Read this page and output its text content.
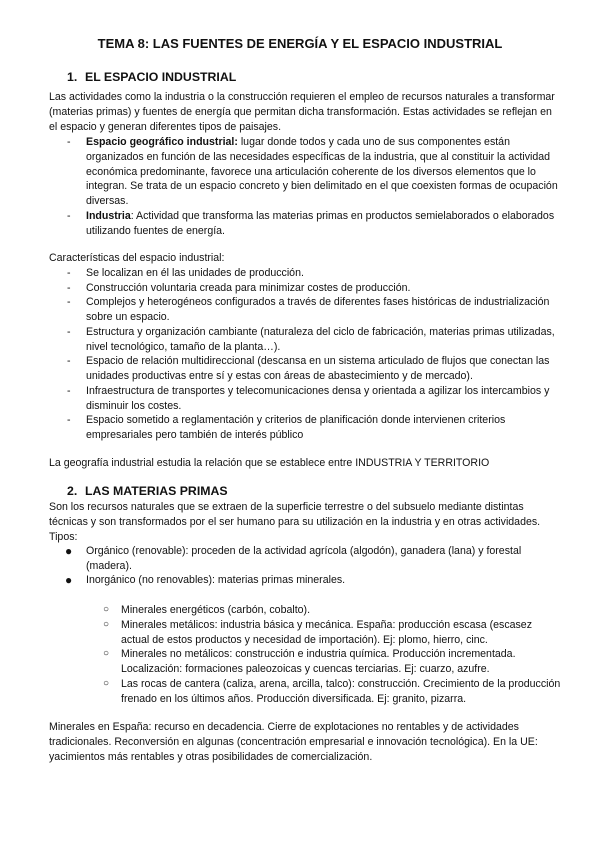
TEMA 8: LAS FUENTES DE ENERGÍA Y EL ESPACIO INDUSTRIAL
1. EL ESPACIO INDUSTRIAL
Las actividades como la industria o la construcción requieren el empleo de recursos naturales a transformar (materias primas) y fuentes de energía que permitan dicha transformación. Estas actividades se reflejan en el espacio y generan diferentes tipos de paisajes.
- Espacio geográfico industrial: lugar donde todos y cada uno de sus componentes están organizados en función de las necesidades específicas de la industria, que al constituir la actividad económica predominante, favorece una articulación coherente de los diversos elementos que lo integran. Se trata de un espacio concreto y bien delimitado en el que coexisten formas de ocupación diversas.
- Industria: Actividad que transforma las materias primas en productos semielaborados o elaborados utilizando fuentes de energía.
Características del espacio industrial:
- Se localizan en él las unidades de producción.
- Construcción voluntaria creada para minimizar costes de producción.
- Complejos y heterogéneos configurados a través de diferentes fases históricas de industrialización sobre un espacio.
- Estructura y organización cambiante (naturaleza del ciclo de fabricación, materias primas utilizadas, nivel tecnológico, tamaño de la planta…).
- Espacio de relación multidireccional (descansa en un sistema articulado de flujos que conectan las unidades productivas entre sí y estas con áreas de abastecimiento y de mercado).
- Infraestructura de transportes y telecomunicaciones densa y orientada a agilizar los intercambios y disminuir los costes.
- Espacio sometido a reglamentación y criterios de planificación donde intervienen criterios empresariales pero también de interés público
La geografía industrial estudia la relación que se establece entre INDUSTRIA Y TERRITORIO
2. LAS MATERIAS PRIMAS
Son los recursos naturales que se extraen de la superficie terrestre o del subsuelo mediante distintas técnicas y son transformados por el ser humano para su utilización en la industria y en otras actividades. Tipos:
● Orgánico (renovable): proceden de la actividad agrícola (algodón), ganadera (lana) y forestal (madera).
● Inorgánico (no renovables): materias primas minerales.
○ Minerales energéticos (carbón, cobalto).
○ Minerales metálicos: industria básica y mecánica. España: producción escasa (escasez actual de estos productos y necesidad de importación). Ej: plomo, hierro, cinc.
○ Minerales no metálicos: construcción e industria química. Producción incrementada. Localización: formaciones paleozoicas y cuencas terciarias. Ej: cuarzo, azufre.
○ Las rocas de cantera (caliza, arena, arcilla, talco): construcción. Crecimiento de la producción frenado en los últimos años. Producción diversificada. Ej: granito, pizarra.
Minerales en España: recurso en decadencia. Cierre de explotaciones no rentables y de actividades tradicionales. Reconversión en algunas (concentración empresarial e innovación tecnológica). En la UE: yacimientos más rentables y otras posibilidades de comercialización.
